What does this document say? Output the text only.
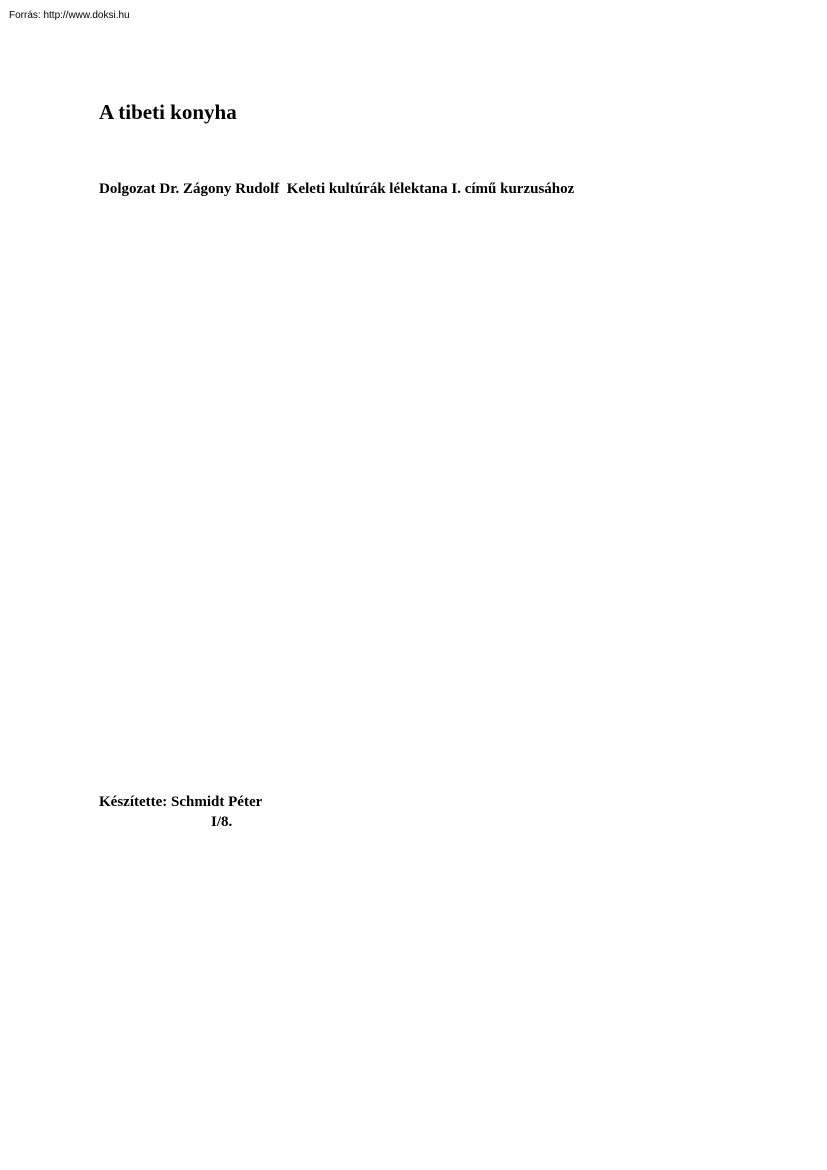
Forrás: http://www.doksi.hu
A tibeti konyha

Dolgozat Dr. Zágony Rudolf  Keleti kultúrák lélektana I. című kurzusához

Készítette: Schmidt Péter

I/8.
